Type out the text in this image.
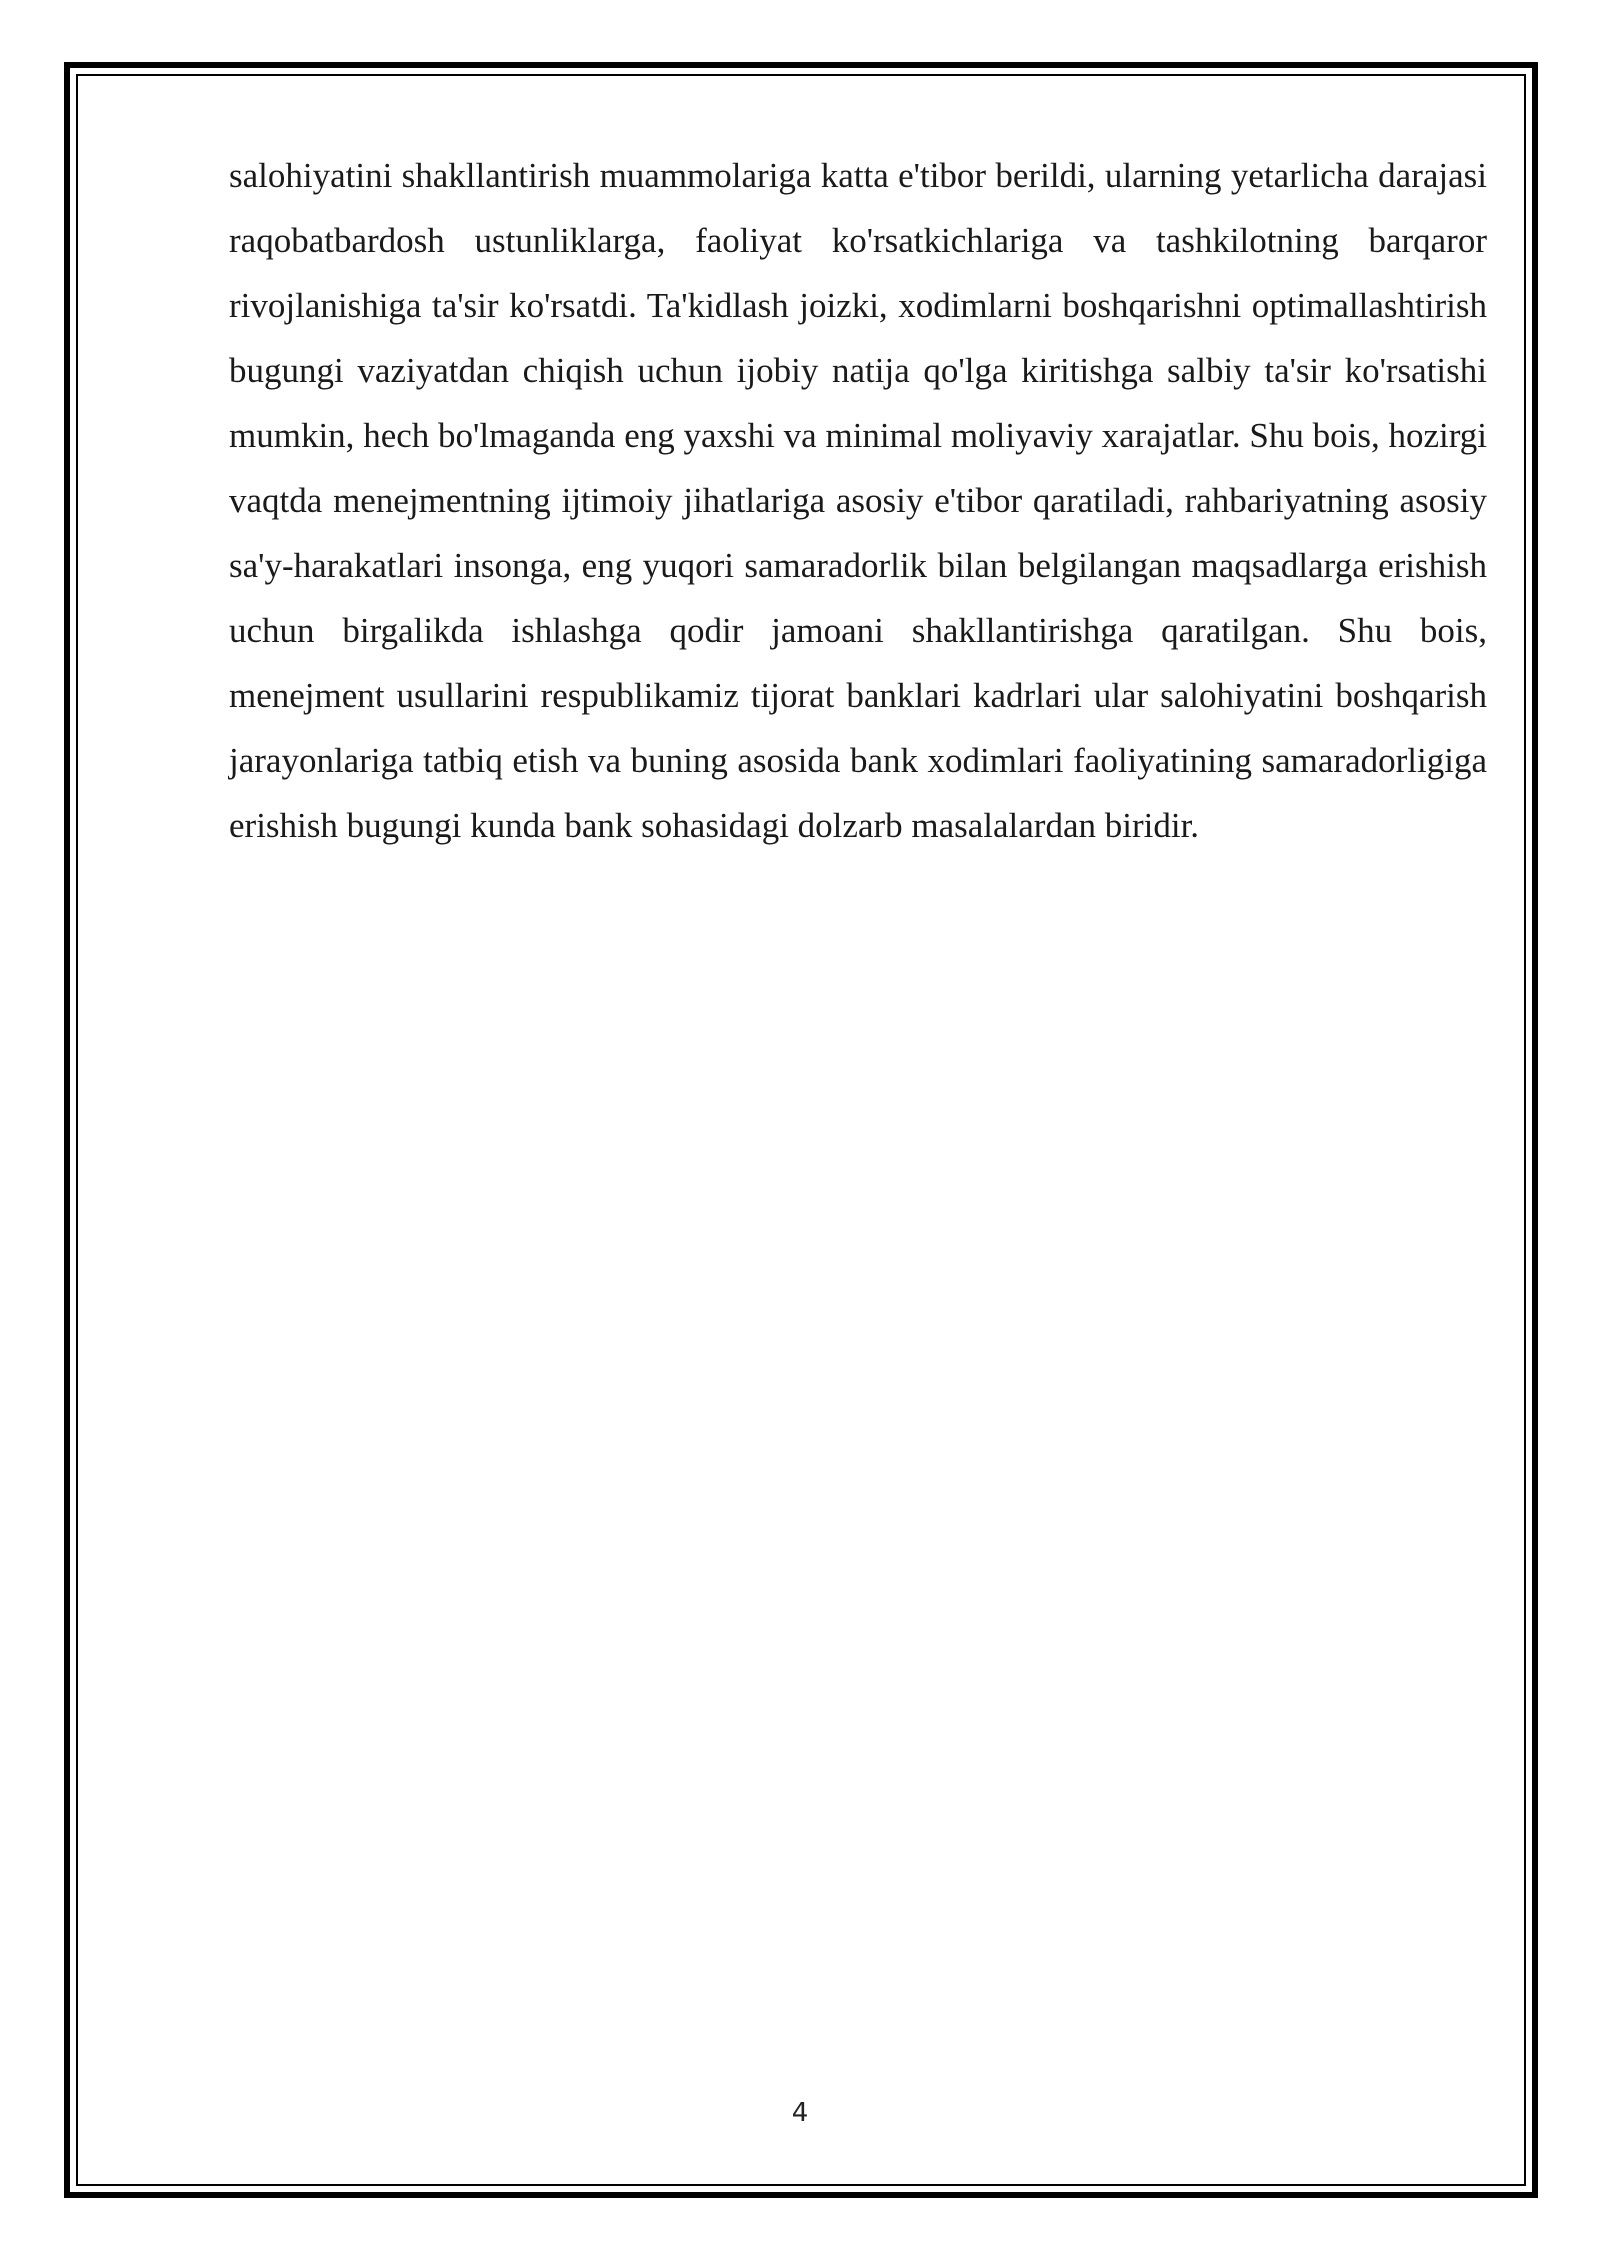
salohiyatini shakllantirish muammolariga katta e'tibor berildi, ularning yetarlicha darajasi raqobatbardosh ustunliklarga, faoliyat ko'rsatkichlariga va tashkilotning barqaror rivojlanishiga ta'sir ko'rsatdi. Ta'kidlash joizki, xodimlarni boshqarishni optimallashtirish bugungi vaziyatdan chiqish uchun ijobiy natija qo'lga kiritishga salbiy ta'sir ko'rsatishi mumkin, hech bo'lmaganda eng yaxshi va minimal moliyaviy xarajatlar. Shu bois, hozirgi vaqtda menejmentning ijtimoiy jihatlariga asosiy e'tibor qaratiladi, rahbariyatning asosiy sa'y-harakatlari insonga, eng yuqori samaradorlik bilan belgilangan maqsadlarga erishish uchun birgalikda ishlashga qodir jamoani shakllantirishga qaratilgan. Shu bois, menejment usullarini respublikamiz tijorat banklari kadrlari ular salohiyatini boshqarish jarayonlariga tatbiq etish va buning asosida bank xodimlari faoliyatining samaradorligiga erishish bugungi kunda bank sohasidagi dolzarb masalalardan biridir.

4
